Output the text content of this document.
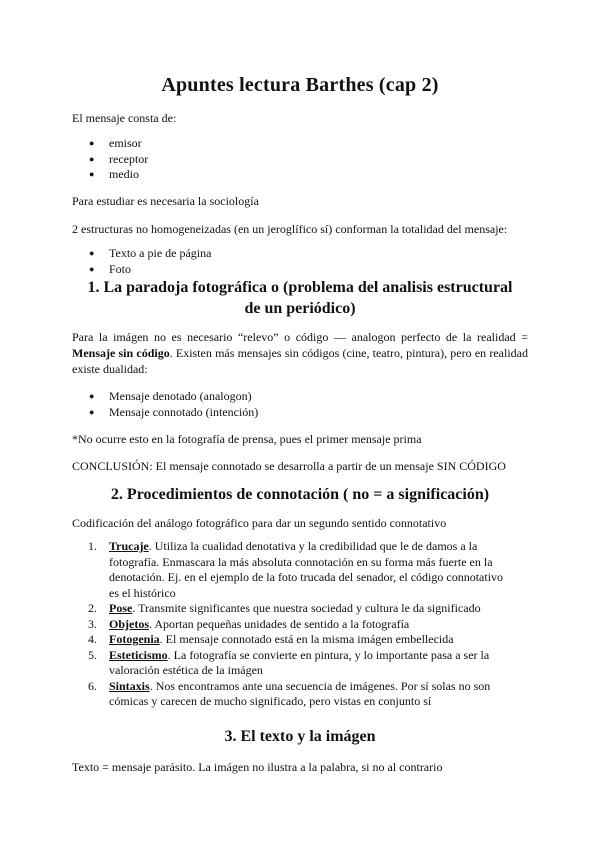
Apuntes lectura Barthes (cap 2)
El mensaje consta de:
● emisor
● receptor
● medio
Para estudiar es necesaria la sociología
2 estructuras no homogeneizadas (en un jeroglífico sí) conforman la totalidad del mensaje:
● Texto a pie de página
● Foto
1. La paradoja fotográfica o (problema del analisis estructural
de un periódico)
Para la imágen no es necesario “relevo” o código — analogon perfecto de la realidad = Mensaje sin código. Existen más mensajes sin códigos (cine, teatro, pintura), pero en realidad existe dualidad:
● Mensaje denotado (analogon)
● Mensaje connotado (intención)
*No ocurre esto en la fotografía de prensa, pues el primer mensaje prima
CONCLUSIÓN: El mensaje connotado se desarrolla a partir de un mensaje SIN CÓDIGO
2. Procedimientos de connotación ( no = a significación)
Codificación del análogo fotográfico para dar un segundo sentido connotativo
1. Trucaje. Utiliza la cualidad denotativa y la credibilidad que le de damos a la fotografía. Enmascara la más absoluta connotación en su forma más fuerte en la denotación. Ej. en el ejemplo de la foto trucada del senador, el código connotativo es el histórico
2. Pose. Transmite significantes que nuestra sociedad y cultura le da significado
3. Objetos. Aportan pequeñas unidades de sentido a la fotografía
4. Fotogenia. El mensaje connotado está en la misma imágen embellecida
5. Esteticismo. La fotografía se convierte en pintura, y lo importante pasa a ser la valoración estética de la imágen
6. Sintaxis. Nos encontramos ante una secuencia de imágenes. Por sí solas no son cómicas y carecen de mucho significado, pero vistas en conjunto sí
3. El texto y la imágen
Texto = mensaje parásito. La imágen no ilustra a la palabra, si no al contrario
